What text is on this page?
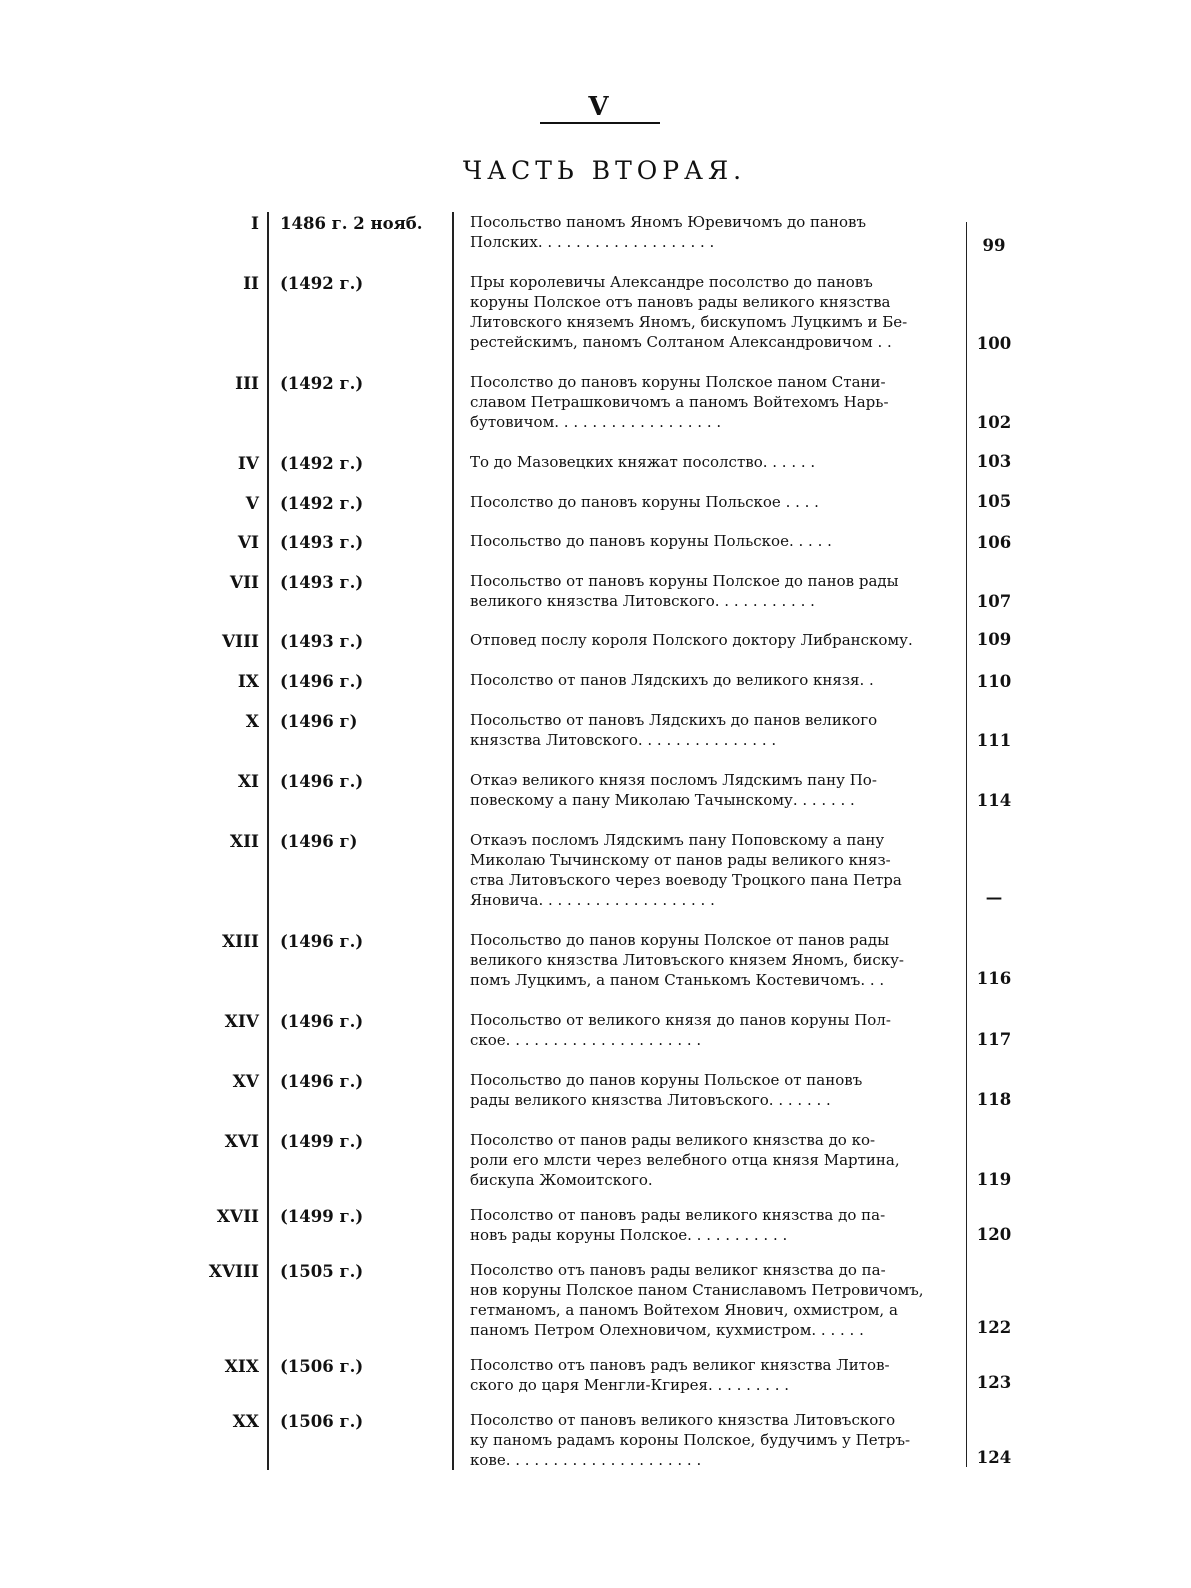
V
ЧАСТЬ ВТОРАЯ.
I 1486 г. 2 нояб.	Посольство паномъ Яномъ Юревичомъ до пановъ
Полских. . . . . . . . . . . . . . . . . . .	99
II (1492 г.)	Пры королевичы Александре посолство до пановъ
коруны Полское отъ пановъ рады великого князства
Литовского княземъ Яномъ, бискупомъ Луцкимъ и Бе-
рестейскимъ, паномъ Солтаном Александровичом . .	100
III (1492 г.)	Посолство до пановъ коруны Полское паном Стани-
славом Петрашковичомъ а паномъ Войтехомъ Нарь-
бутовичом. . . . . . . . . . . . . . . . . .	102
IV (1492 г.)	То до Мазовецких княжат посолство. . . . . .	103
V (1492 г.)	Посолство до пановъ коруны Польское . . . .	105
VI (1493 г.)	Посольство до пановъ коруны Польское. . . . .	106
VII (1493 г.)	Посольство от пановъ коруны Полское до панов рады
великого князства Литовского. . . . . . . . . . .	107
VIII (1493 г.)	Отповед послу короля Полского доктору Либранскому.	109
IX (1496 г.)	Посолство от панов Лядскихъ до великого князя. .	110
X (1496 г)	Посольство от пановъ Лядскихъ до панов великого
князства Литовского. . . . . . . . . . . . . . .	111
XI (1496 г.)	Откаэ великого князя посломъ Лядскимъ пану По-
повескому а пану Миколаю Тачынскому. . . . . . .	114
XII (1496 г)	Откаэъ посломъ Лядскимъ пану Поповскому а пану
Миколаю Тычинскому от панов рады великого княз-
ства Литовъского через воеводу Троцкого пана Петра
Яновича. . . . . . . . . . . . . . . . . . .	—
XIII (1496 г.)	Посольство до панов коруны Полское от панов рады
великого князства Литовъского князем Яномъ, биску-
помъ Луцкимъ, а паном Станькомъ Костевичомъ. . .	116
XIV (1496 г.)	Посольство от великого князя до панов коруны Пол-
ское. . . . . . . . . . . . . . . . . . . . .	117
XV (1496 г.)	Посольство до панов коруны Польское от пановъ
рады великого князства Литовъского. . . . . . .	118
XVI (1499 г.)	Посолство от панов рады великого князства до ко-
роли его млсти через велебного отца князя Мартина,
бискупа Жомоитского.	119
XVII (1499 г.)	Посолство от пановъ рады великого князства до па-
новъ рады коруны Полское. . . . . . . . . . .	120
XVIII (1505 г.)	Посолство отъ пановъ рады великог князства до па-
нов коруны Полское паном Станиславомъ Петровичомъ,
гетманомъ, а паномъ Войтехом Янович, охмистром, а
паномъ Петром Олехновичом, кухмистром. . . . . .	122
XIX (1506 г.)	Посолство отъ пановъ радъ великог князства Литов-
ского до царя Менгли-Кгирея. . . . . . . . .	123
XX (1506 г.)	Посолство от пановъ великого князства Литовъского
ку паномъ радамъ короны Полское, будучимъ у Петръ-
кове. . . . . . . . . . . . . . . . . . . . .	124
